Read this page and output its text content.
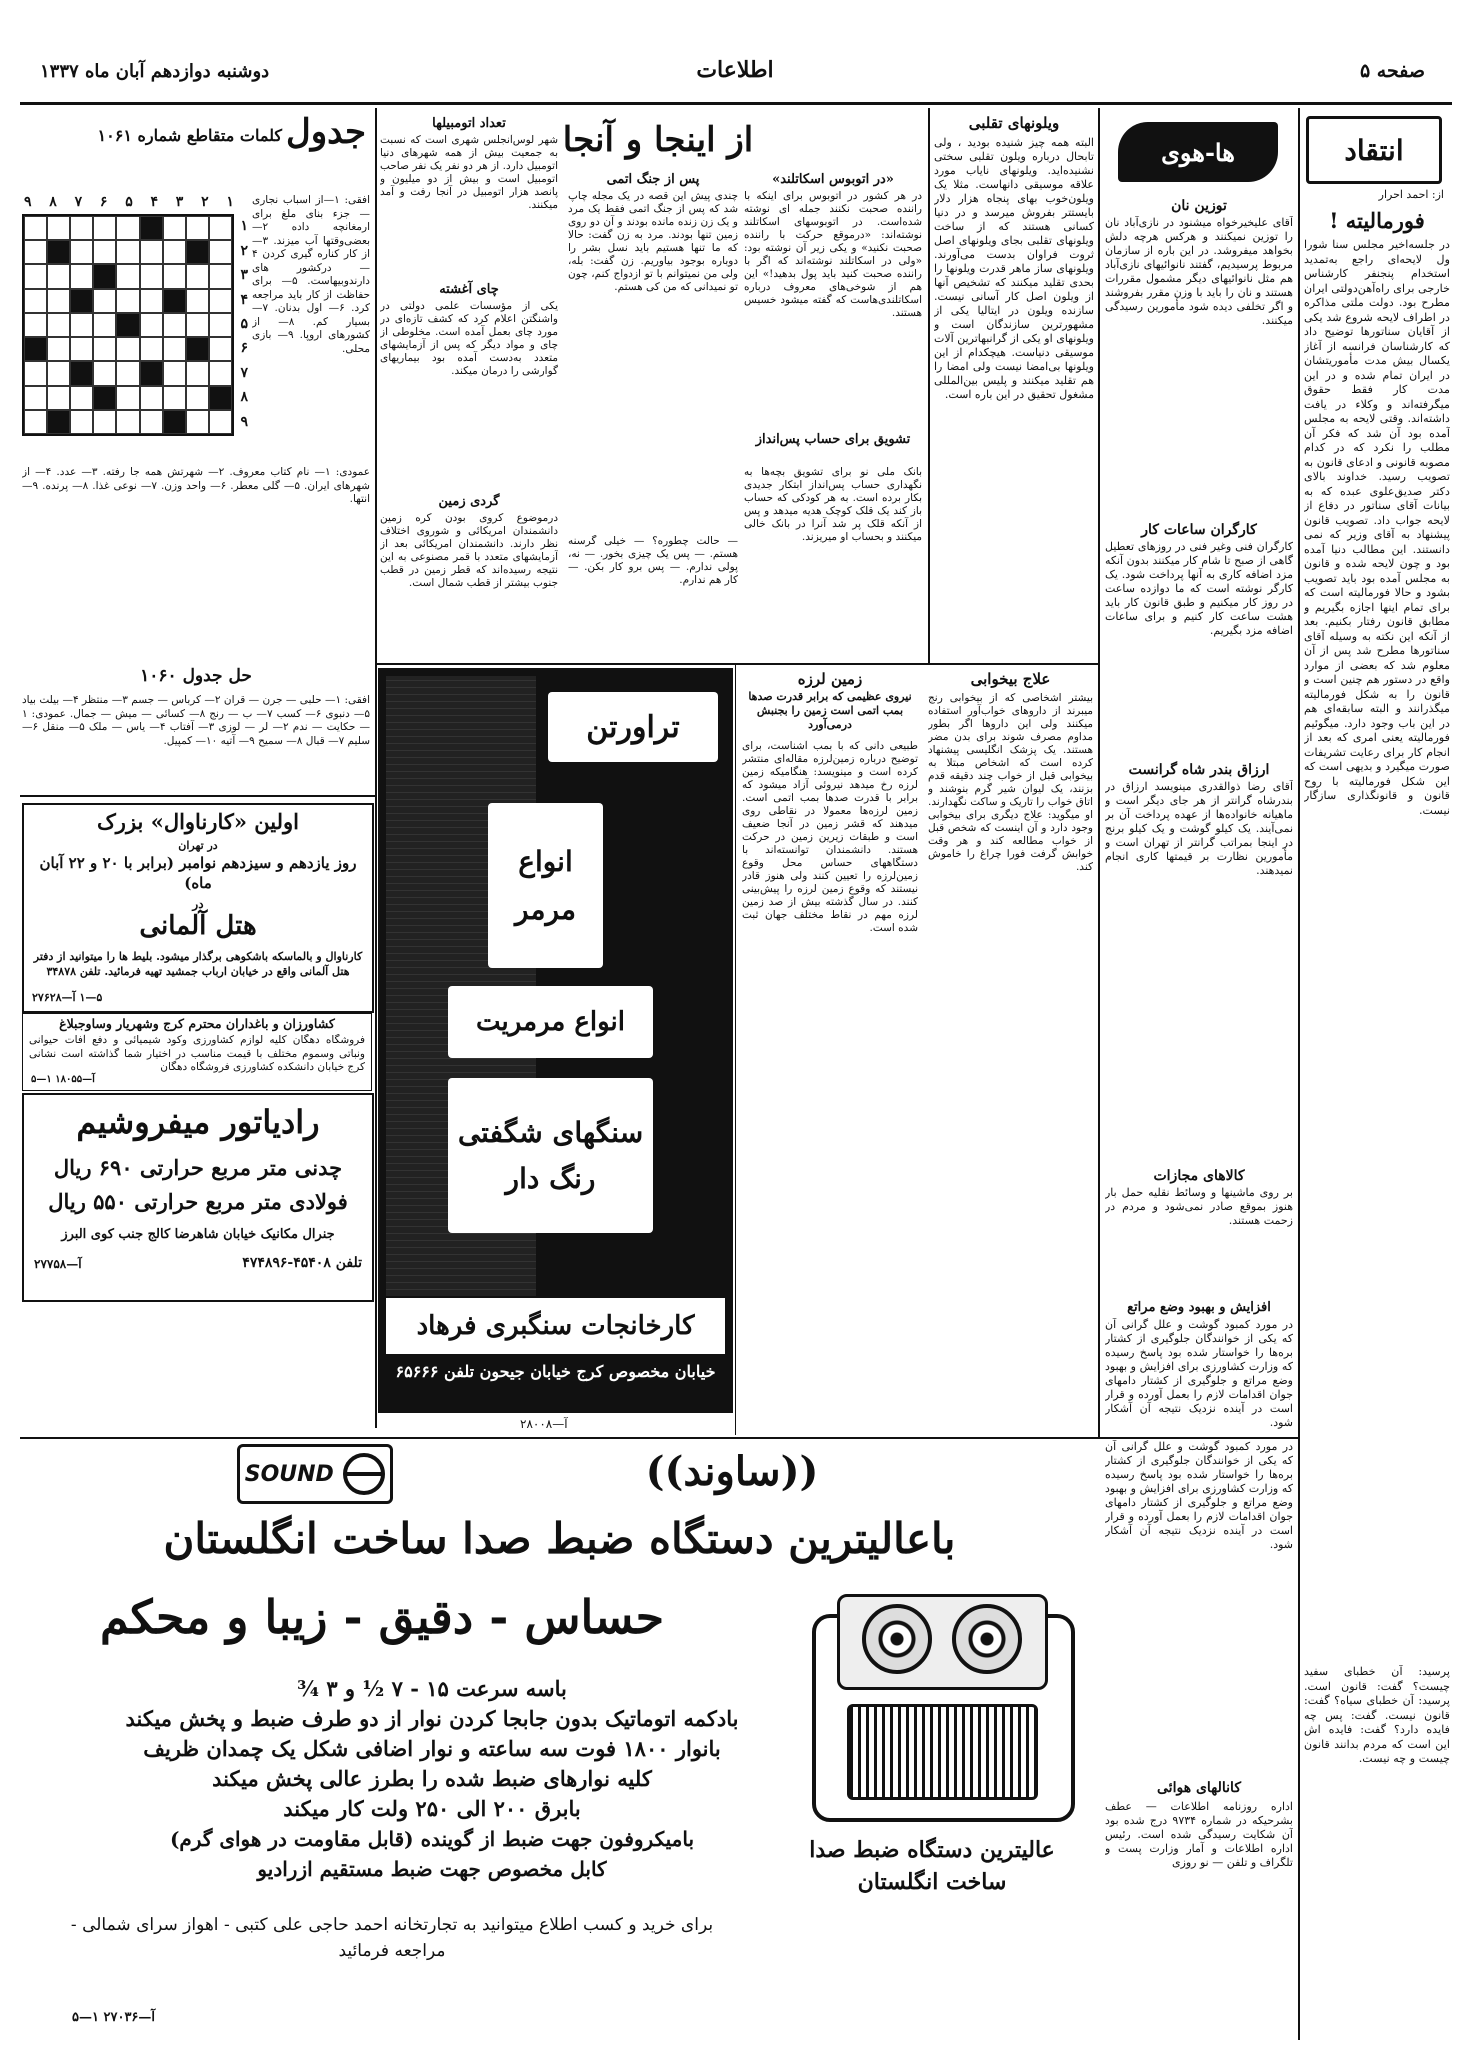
صفحه ۵
اطلاعات
دوشنبه دوازدهم آبان ماه ۱۳۳۷
انتقاد
از: احمد احرار
فورمالیته !
در جلسه‌اخیر مجلس سنا شورا ول لایحه‌ای راجع به‌تمدید استخدام‌ پنجنفر کارشناس خارجی برای راه‌آهن‌دولتی ایران مطرح بود. دولت ملتی مذاکره در اطراف لایحه شروع شد یکی از آقایان سناتورها توضیح داد که کارشناسان فرانسه از آغاز یکسال بیش مدت مأموریتشان در ایران تمام شده و در این مدت کار فقط حقوق میگرفته‌اند و وکلاء در یافت داشته‌اند. وقتی لایحه به مجلس آمده بود آن شد که فکر آن مطلب را نکرد که در کدام مصوبه قانونی و ادعای قانون به تصویب رسید. خداوند بالای دکتر صدیق‌علوی عبده که به بیانات آقای سناتور در دفاع از لایحه جواب داد. تصویب قانون پیشنهاد به آقای وزیر که نمی دانستند. این مطالب دنیا آمده بود و چون لایحه شده و قانون به مجلس آمده بود باید تصویب بشود و حالا فورمالیته است که برای تمام اینها اجازه بگیریم و مطابق قانون رفتار بکنیم. بعد از آنکه این نکته به وسیله آقای سناتورها مطرح شد پس از آن معلوم شد که بعضی از موارد واقع در دستور هم چنین است و قانون را به شکل فورمالیته میگذرانند و البته سابقه‌ای هم در این باب وجود دارد. میگوئیم فورمالیته یعنی امری که بعد از انجام کار برای رعایت تشریفات صورت میگیرد و بدیهی است که این شکل فورمالیته با روح قانون و قانونگذاری سازگار نیست.
پرسید: آن خطبای سفید چیست؟ گفت: قانون است. پرسید: آن خطبای سیاه؟ گفت: قانون نیست. گفت: پس چه فایده دارد؟ گفت: فایده اش این است که مردم بدانند قانون چیست و چه نیست.
ها-هوی
توزین نان
آقای علیخیرخواه میشنود در نازی‌آباد نان را توزین نمیکنند و هرکس هرچه دلش بخواهد میفروشد. در این باره از سازمان مربوط پرسیدیم، گفتند نانوائیهای نازی‌آباد هم مثل نانوائیهای دیگر مشمول مقررات هستند و نان را باید با وزن مقرر بفروشند و اگر تخلفی دیده شود مأمورین رسیدگی میکنند.
کارگران ساعات کار
کارگران فنی وغیر فنی در روزهای تعطیل گاهی از صبح تا شام کار میکنند بدون آنکه مزد اضافه کاری به آنها پرداخت شود. یک کارگر نوشته است که ما دوازده ساعت در روز کار میکنیم و طبق قانون کار باید هشت ساعت کار کنیم و برای ساعات اضافه مزد بگیریم.
ارزاق بندر شاه گرانست
آقای رضا ذوالقدری مینویسد ارزاق در بندرشاه گرانتر از هر جای دیگر است و ماهیانه خانواده‌ها از عهده پرداخت آن بر نمی‌آیند. یک کیلو گوشت و یک کیلو برنج در اینجا بمراتب گرانتر از تهران است و مأمورین نظارت بر قیمتها کاری انجام نمیدهند.
کالاهای مجازات
بر روی ماشینها و وسائط نقلیه حمل بار هنوز بموقع صادر نمی‌شود و مردم در زحمت هستند.
افزایش و بهبود وضع مراتع
در مورد کمبود گوشت و علل گرانی آن که یکی از خوانندگان جلوگیری از کشتار بره‌ها را خواستار شده بود پاسخ رسیده که وزارت کشاورزی برای افزایش و بهبود وضع مراتع و جلوگیری از کشتار دامهای جوان اقدامات لازم را بعمل آورده و قرار است در آینده نزدیک نتیجه آن آشکار شود.
در مورد کمبود گوشت و علل گرانی آن که یکی از خوانندگان جلوگیری از کشتار بره‌ها را خواستار شده بود پاسخ رسیده که وزارت کشاورزی برای افزایش و بهبود وضع مراتع و جلوگیری از کشتار دامهای جوان اقدامات لازم را بعمل آورده و قرار است در آینده نزدیک نتیجه آن آشکار شود.
کانالهای هوائی
اداره روزنامه اطلاعات — عطف بشرحیکه در شماره ۹۷۳۴ درج شده بود آن شکایت رسیدگی شده است. رئیس اداره اطلاعات و آمار وزارت پست و تلگراف و تلفن — نو روزی
ویلونهای تقلبی
البته همه چیز شنیده بودید ، ولی تابحال درباره ویلون تقلبی سختی نشنیده‌اید. ویلونهای نایاب مورد علاقه موسیقی دانهاست. مثلا یک ویلون‌خوب بهای پنجاه هزار دلار بایستتر بفروش میرسد و در دنیا کسانی هستند که از ساخت ویلونهای تقلبی بجای ویلونهای اصل ثروت فراوان بدست می‌آورند. ویلونهای ساز ماهر قدرت ویلونها را بحدی تقلید میکنند که تشخیص آنها از ویلون اصل کار آسانی نیست. سازنده ویلون در ایتالیا یکی از مشهورترین سازندگان است و ویلونهای او یکی از گرانبهاترین آلات موسیقی دنیاست. هیچکدام از این ویلونها بی‌امضا نیست ولی امضا را هم تقلید میکنند و پلیس بین‌المللی مشغول تحقیق در این باره است.
از اینجا و آنجا
«در اتوبوس اسکاتلند»
در هر کشور در اتوبوس برای اینکه با راننده صحبت نکنند جمله ای نوشته شده‌است. در اتوبوسهای اسکاتلند نوشته‌اند: «درموقع حرکت با راننده صحبت نکنید» و یکی زیر آن نوشته بود: «ولی در اسکاتلند نوشته‌اند که اگر با راننده صحبت کنید باید پول بدهید!» این هم از شوخی‌های معروف درباره اسکاتلندی‌هاست که گفته میشود خسیس هستند.
تشویق برای حساب پس‌انداز
بانک ملی نو برای تشویق بچه‌ها به نگهداری حساب پس‌انداز ابتکار جدیدی بکار برده است. به هر کودکی که حساب باز کند یک قلک کوچک هدیه میدهد و پس از آنکه قلک پر شد آنرا در بانک خالی میکنند و بحساب او میریزند.
پس از جنگ اتمی
چندی پیش این قصه در یک مجله چاپ شد که پس از جنگ اتمی فقط یک مرد و یک زن زنده مانده بودند و آن دو روی زمین تنها بودند. مرد به زن گفت: حالا که ما تنها هستیم باید نسل بشر را دوباره بوجود بیاوریم. زن گفت: بله، ولی من نمیتوانم با تو ازدواج کنم، چون تو نمیدانی که من کی هستم.
— حالت چطوره؟ — خیلی گرسنه هستم. — پس یک چیزی بخور. — نه، پولی ندارم. — پس برو کار بکن. — کار هم ندارم.
تعداد اتومبیلها
شهر لوس‌آنجلس شهری است که نسبت به جمعیت بیش از همه شهرهای دنیا اتومبیل دارد. از هر دو نفر یک نفر صاحب اتومبیل است و بیش از دو میلیون و پانصد هزار اتومبیل در آنجا رفت و آمد میکنند.
چای آغشته
یکی از مؤسسات علمی دولتی در واشنگتن اعلام کرد که کشف تازه‌ای در مورد چای بعمل آمده است. مخلوطی از چای و مواد دیگر که پس از آزمایشهای متعدد به‌دست آمده بود بیماریهای گوارشی را درمان میکند.
گردی زمین
درموضوع کروی بودن کره زمین دانشمندان امریکائی و شوروی اختلاف نظر دارند. دانشمندان امریکائی بعد از آزمایشهای متعدد با قمر مصنوعی به این نتیجه رسیده‌اند که قطر زمین در قطب جنوب بیشتر از قطب شمال است.
زمین لرزه
نیروی عظیمی که برابر قدرت صدها بمب اتمی است زمین را بجنبش درمی‌آورد
طبیعی دانی که با بمب آشناست، برای توضیح درباره زمین‌لرزه مقاله‌ای منتشر کرده است و مینویسد: هنگامیکه زمین لرزه رخ میدهد نیروئی آزاد میشود که برابر با قدرت صدها بمب اتمی است. زمین لرزه‌ها معمولا در نقاطی روی میدهند که قشر زمین در آنجا ضعیف است و طبقات زیرین زمین در حرکت هستند. دانشمندان توانسته‌اند با دستگاههای حساس محل وقوع زمین‌لرزه را تعیین کنند ولی هنوز قادر نیستند که وقوع زمین لرزه را پیش‌بینی کنند. در سال گذشته بیش از صد زمین لرزه مهم در نقاط مختلف جهان ثبت شده است.
علاج بیخوابی
بیشتر اشخاصی که از بیخوابی رنج میبرند از داروهای خواب‌آور استفاده میکنند ولی این داروها اگر بطور مداوم مصرف شوند برای بدن مضر هستند. یک پزشک انگلیسی پیشنهاد کرده است که اشخاص مبتلا به بیخوابی قبل از خواب چند دقیقه قدم بزنند، یک لیوان شیر گرم بنوشند و اتاق خواب را تاریک و ساکت نگهدارند. او میگوید: علاج دیگری برای بیخوابی وجود دارد و آن اینست که شخص قبل از خواب مطالعه کند و هر وقت خوابش گرفت فورا چراغ را خاموش کند.
تراورتن
انواع مرمر
انواع مرمریت
سنگهای شگفتی رنگ دار
کارخانجات سنگبری فرهاد
خیابان مخصوص کرج خیابان جیحون تلفن ۶۵۶۶۶
آ—۲۸۰۰۸
جدول
کلمات متقاطع شماره ۱۰۶۱
۹ ۸ ۷ ۶ ۵ ۴ ۳ ۲ ۱
۱
۲
۳
۴
۵
۶
۷
۸
۹
افقی: ۱—از اسباب نجاری — جزء بنای ملغ برای ارمغانچه داده ۲— بعضی‌وقتها آب میزند. ۳— از کار کناره گیری کردن ۴— درکشور های دارندوبیهاست. ۵— برای حفاظت از کار باید مراجعه کرد. ۶— اول بدنان. ۷— بسیار کم. ۸— از کشورهای اروپا. ۹— بازی محلی.
عمودی: ۱— نام کتاب معروف. ۲— شهرتش همه جا رفته. ۳— عدد. ۴— از شهرهای ایران. ۵— گلی معطر. ۶— واحد وزن. ۷— نوعی غذا. ۸— پرنده. ۹— انتها.
حل جدول ۱۰۶۰
افقی: ۱— حلبی — جرن — قران ۲— کرباس — جسم ۳— منتظر ۴— بیلت بیاد ۵— دنبوی ۶— کسب ۷— ب — رنج ۸— کسائی — میش — جمال. عمودی: ۱— حکایت — ندم ۲— لر — لوزی ۳— آفتاب ۴— یاس — ملک ۵— منقل ۶— سلیم ۷— قبال ۸— سمیح ۹— آتیه ۱۰— کمپیل.
اولین «کارناوال» بزرک
در تهران
روز یازدهم و سیزدهم نوامبر (برابر با ۲۰ و ۲۲ آبان ماه)
در
هتل آلمانی
کارناوال و بالماسکه باشکوهی برگذار میشود. بلیط ها را میتوانید از دفتر هتل آلمانی واقع در خیابان ارباب جمشید تهیه فرمائید. تلفن ۳۴۸۷۸
۵—۱ آ—۲۷۶۲۸
کشاورزان و باغداران محترم کرج وشهریار وساوجبلاغ
فروشگاه دهگان کلیه لوازم کشاورزی وکود شیمیائی و دفع آفات حیوانی ونباتی وسموم مختلف با قیمت مناسب در اختیار شما گذاشته است نشانی کرج خیابان دانشکده کشاورزی فروشگاه دهگان
آ—۱۸۰۵۵ ۱—۵
رادیاتور میفروشیم
چدنی متر مربع حرارتی ۶۹۰ ریال
فولادی متر مربع حرارتی ۵۵۰ ریال
جنرال مکانیک خیابان شاهرضا کالج جنب کوی البرز
تلفن ۴۵۴۰۸-۴۷۴۸۹۶
آ—۲۷۷۵۸
SOUND	((ساوند))
باعالیترین دستگاه ضبط صدا ساخت انگلستان
حساس - دقیق - زیبا و محکم
باسه سرعت ۱۵ - ۷ ½ و ۳ ¾
بادکمه اتوماتیک بدون جابجا کردن نوار از دو طرف ضبط و پخش میکند
بانوار ۱۸۰۰ فوت سه ساعته و نوار اضافی شکل یک چمدان ظریف
کلیه نوارهای ضبط شده را بطرز عالی پخش میکند
بابرق ۲۰۰ الی ۲۵۰ ولت کار میکند
بامیکروفون جهت ضبط از گوینده (قابل مقاومت در هوای گرم)
کابل مخصوص جهت ضبط مستقیم ازرادیو
برای خرید و کسب اطلاع میتوانید به تجارتخانه احمد حاجی علی کتبی - اهواز سرای شمالی - مراجعه فرمائید
عالیترین دستگاه ضبط صدا ساخت انگلستان
آ—۲۷۰۳۶ ۱—۵
